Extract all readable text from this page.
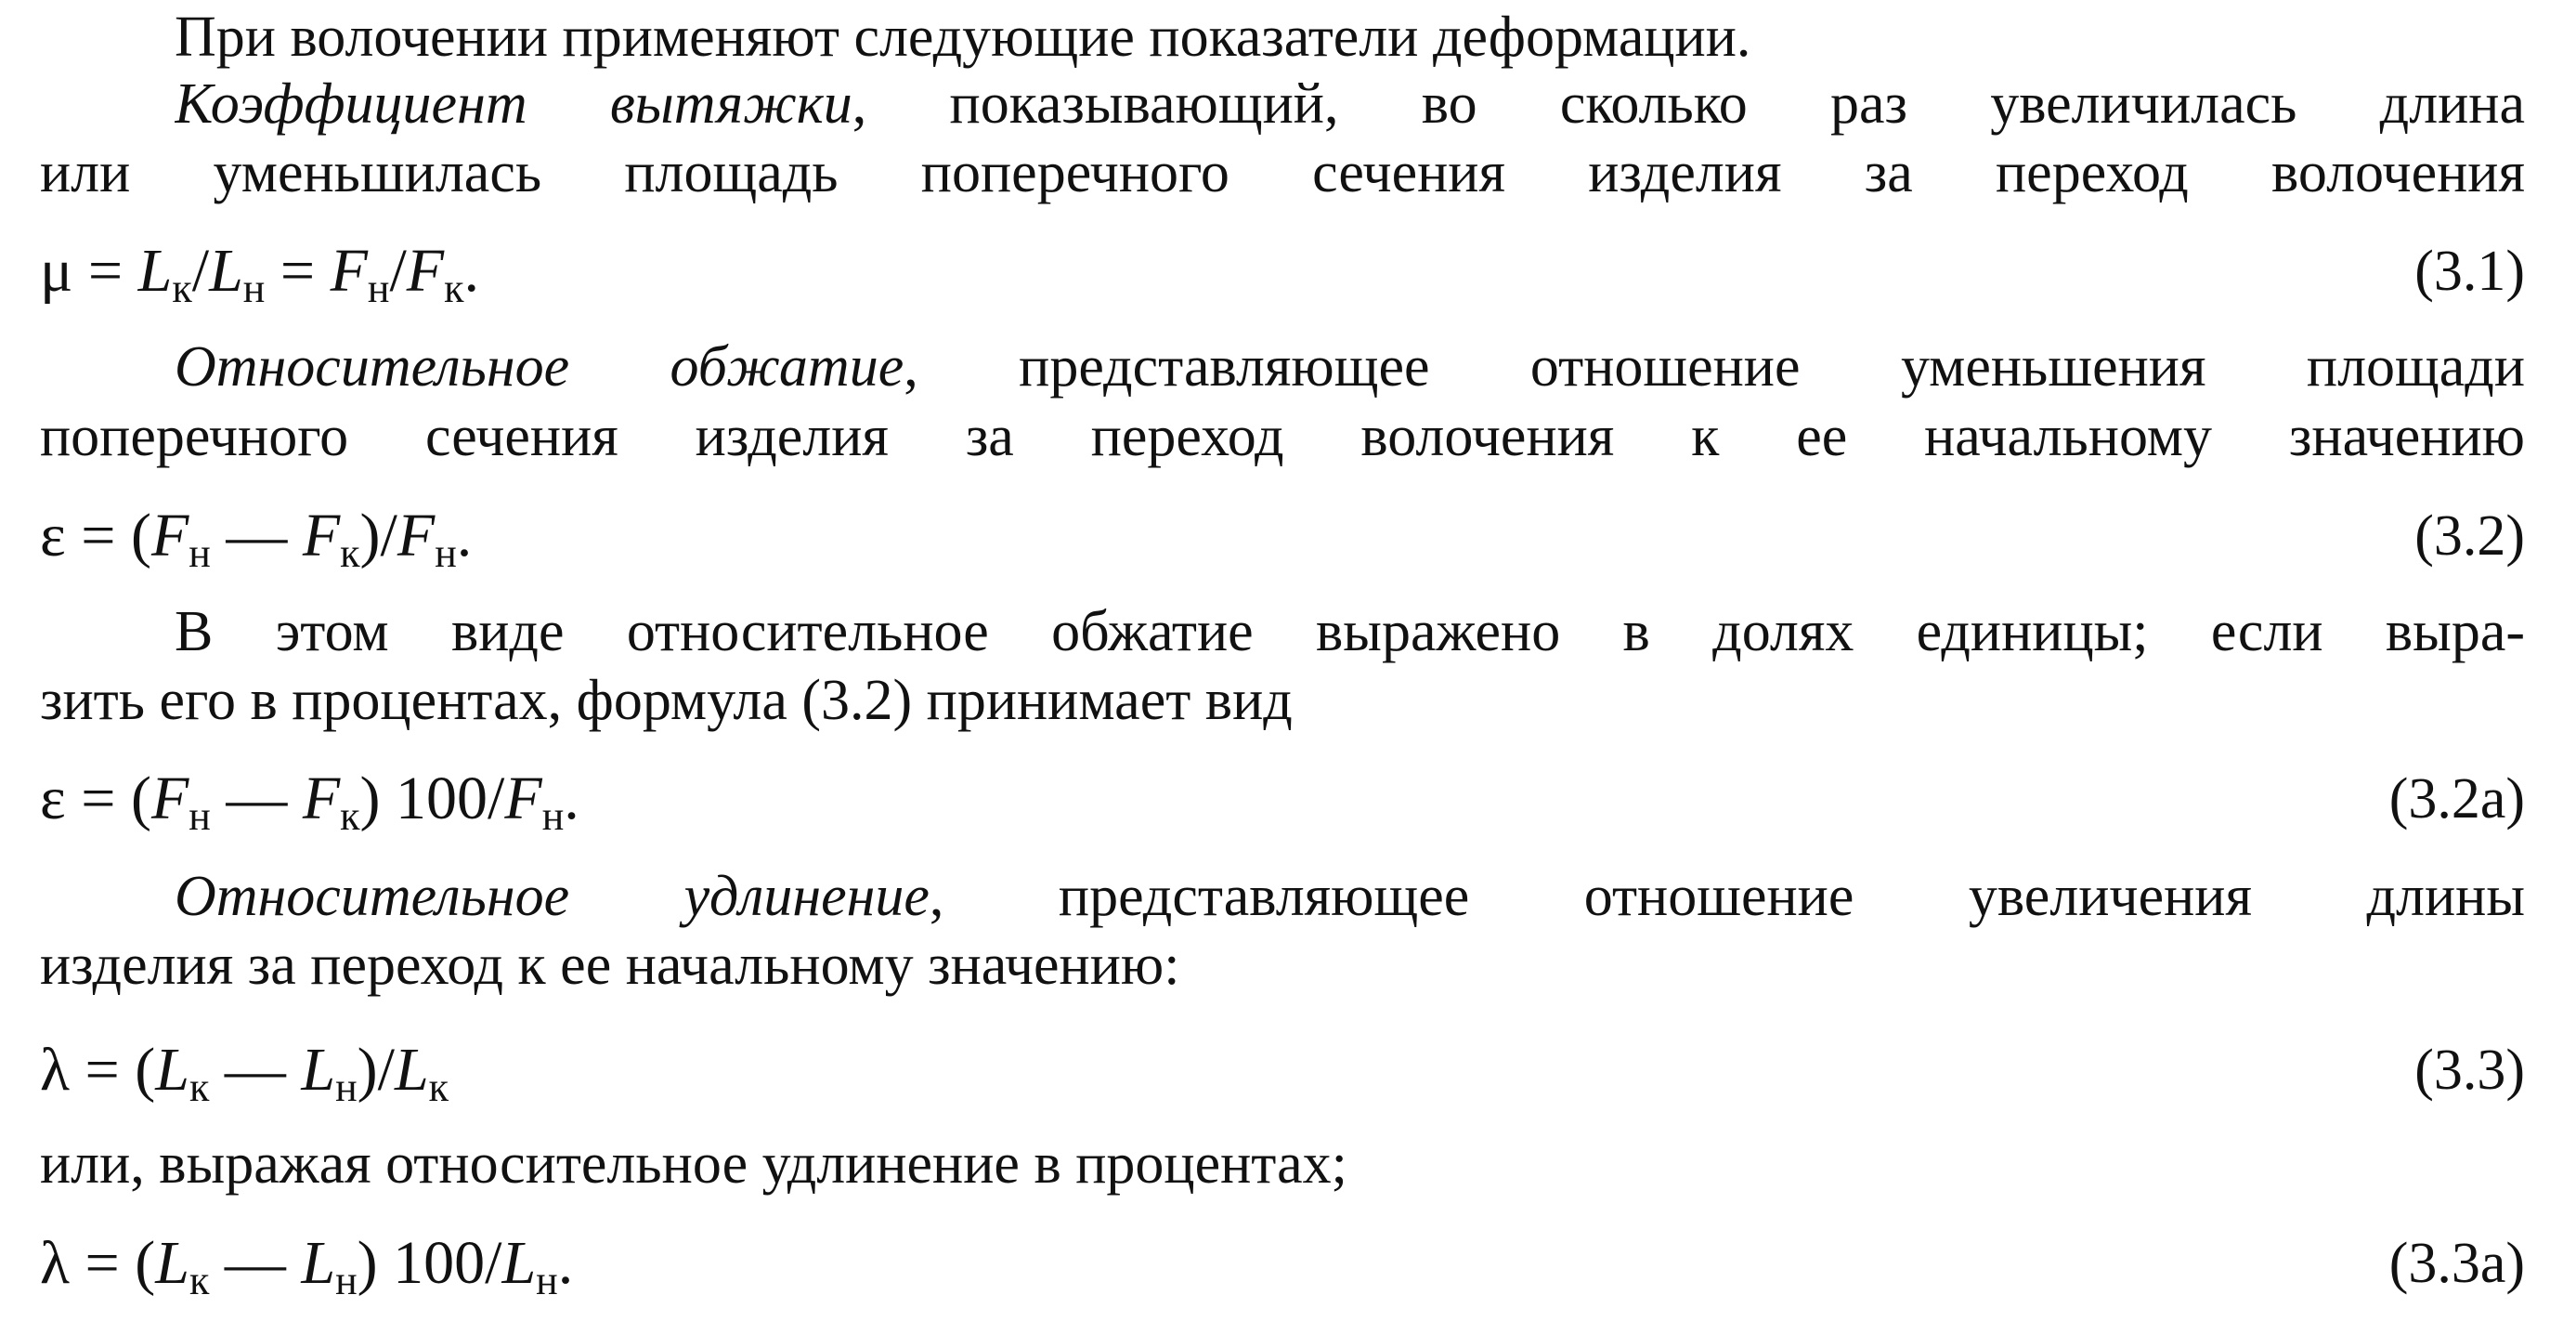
При волочении применяют следующие показатели деформации.
Коэффициент вытяжки, показывающий, во сколько раз увеличилась длина
или уменьшилась площадь поперечного сечения изделия за переход волочения
$\mu = L_к/L_н = F_н/F_к$.	(3.1)
Относительное обжатие, представляющее отношение уменьшения площади
поперечного сечения изделия за переход волочения к ее начальному значению
$\varepsilon = (F_н$ — $F_к)/F_н$.	(3.2)
В этом виде относительное обжатие выражено в долях единицы; если выра-
зить его в процентах, формула (3.2) принимает вид
$\varepsilon = (F_н$ — $F_к$) $100/F_н$.	(3.2a)
Относительное удлинение, представляющее отношение увеличения длины
изделия за переход к ее начальному значению:
$\lambda = (L_к$ — $L_н)/L_к$	(3.3)
или, выражая относительное удлинение в процентах;
$\lambda = (L_к$ — $L_н$) $100/L_н$.	(3.3a)
